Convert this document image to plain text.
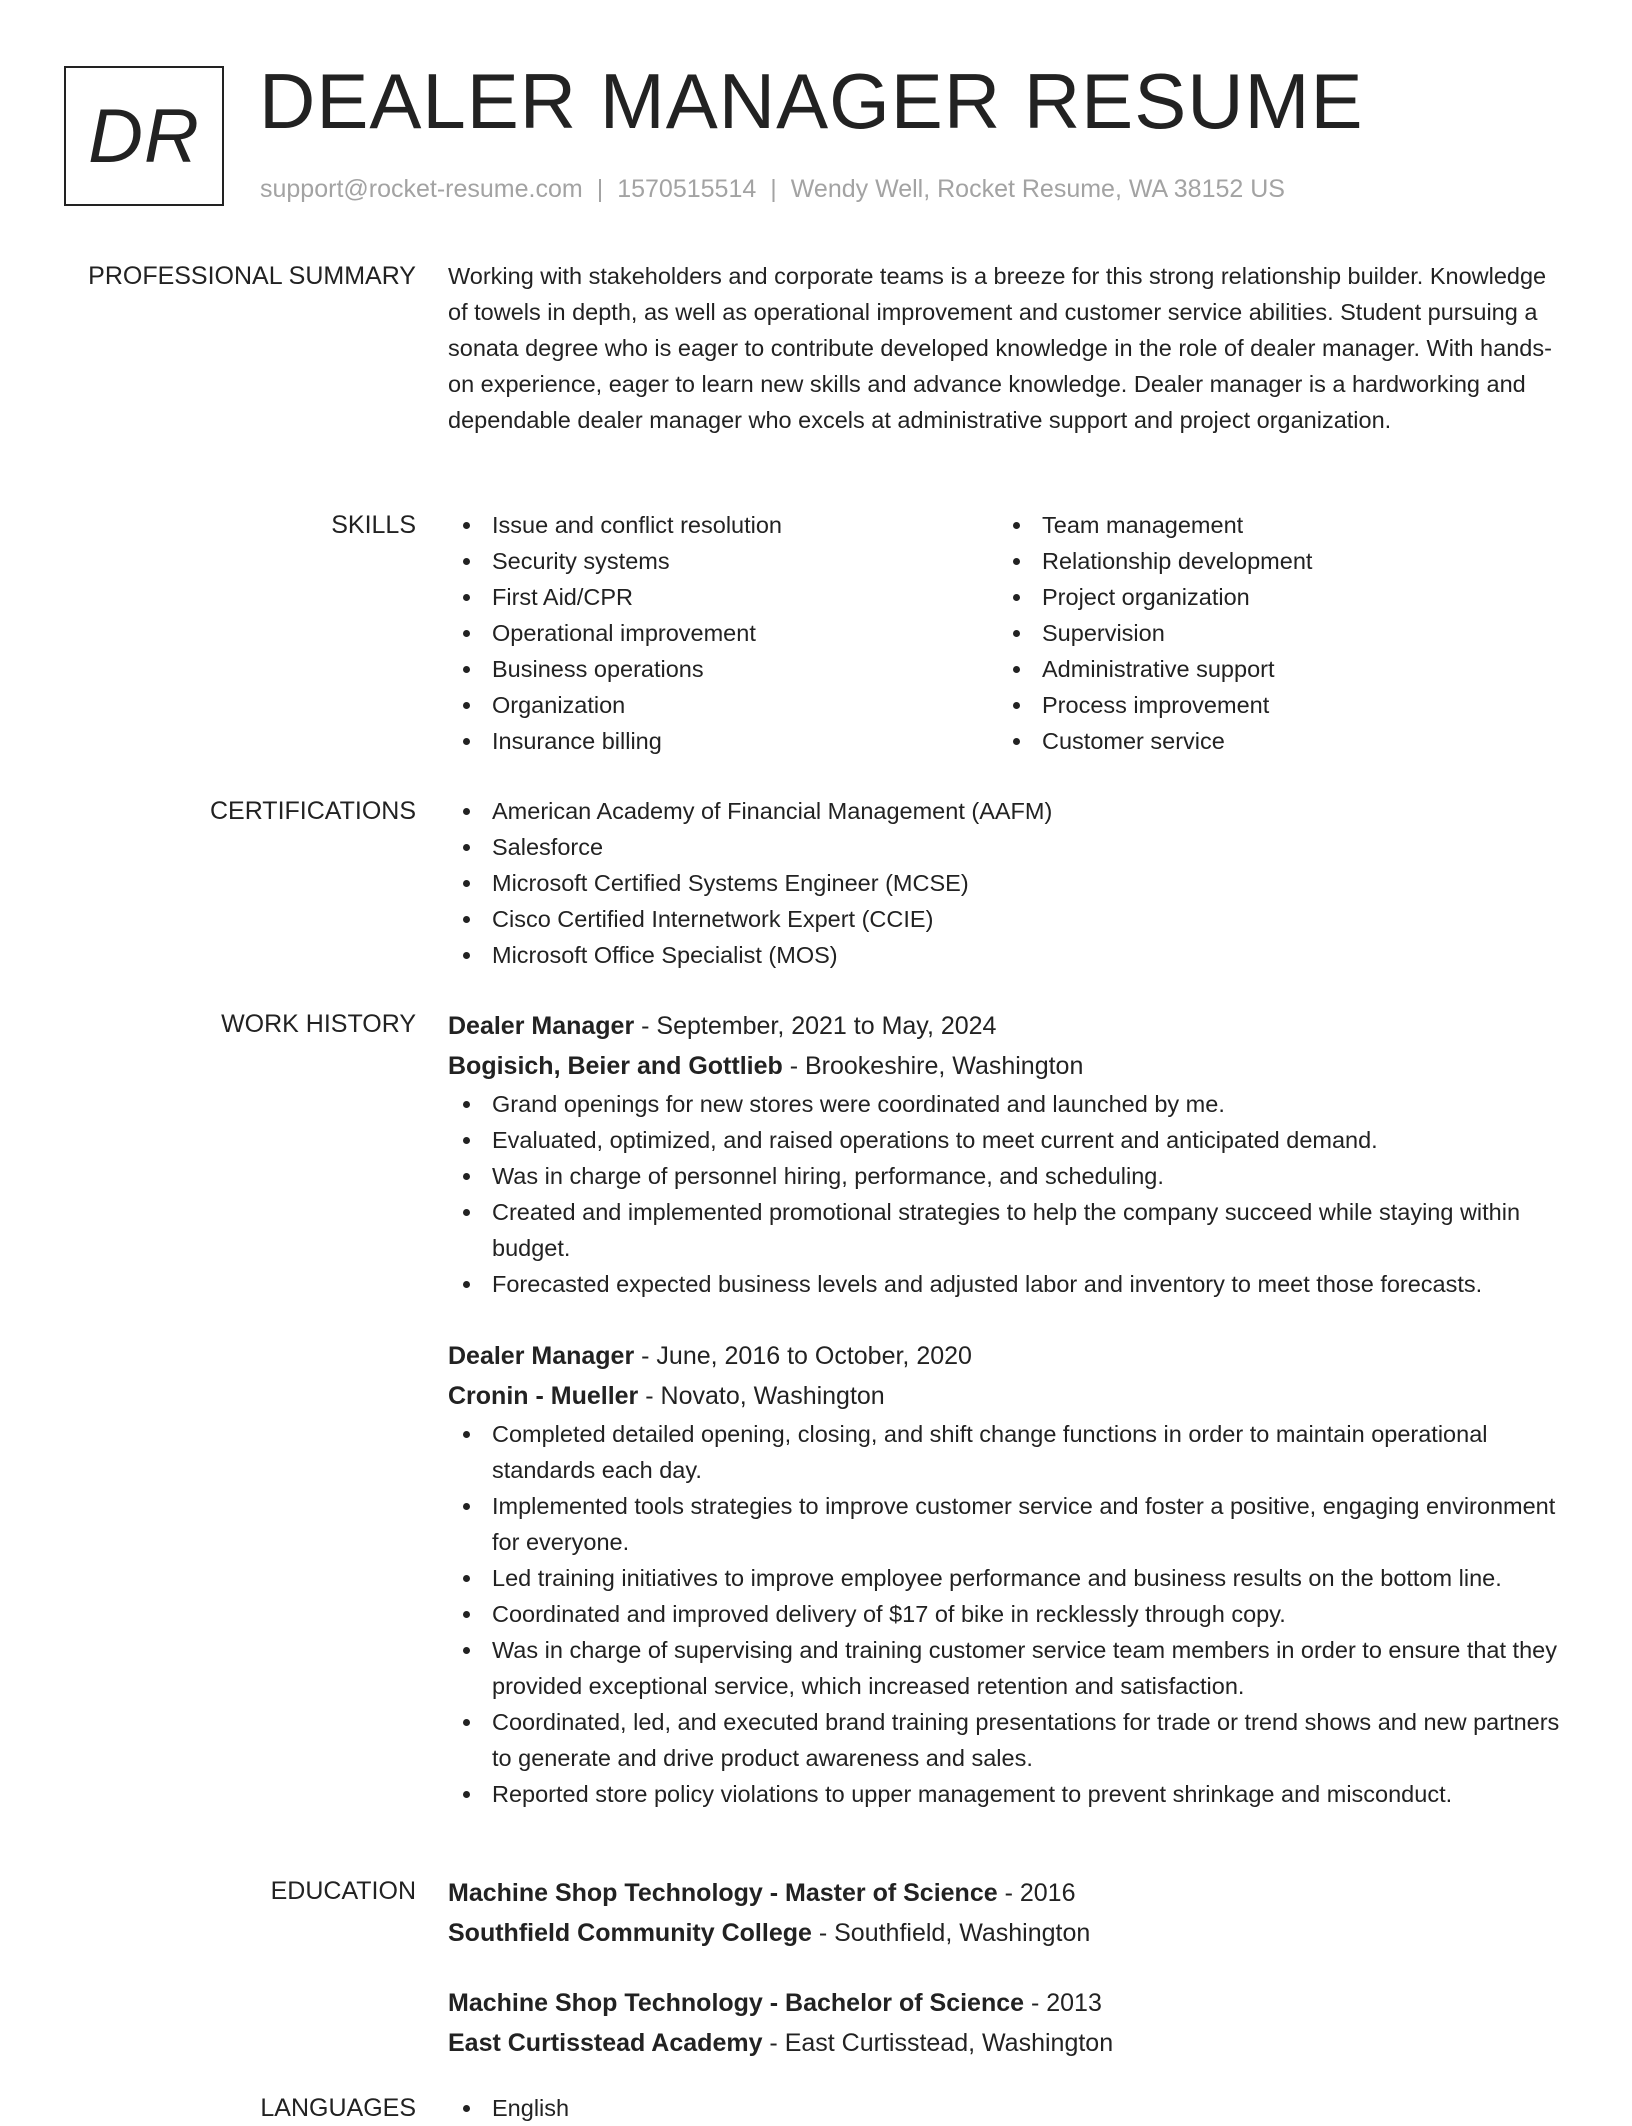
DR DEALER MANAGER RESUME
support@rocket-resume.com | 1570515514 | Wendy Well, Rocket Resume, WA 38152 US
PROFESSIONAL SUMMARY Working with stakeholders and corporate teams is a breeze for this strong relationship builder. Knowledge of towels in depth, as well as operational improvement and customer service abilities. Student pursuing a sonata degree who is eager to contribute developed knowledge in the role of dealer manager. With hands-on experience, eager to learn new skills and advance knowledge. Dealer manager is a hardworking and dependable dealer manager who excels at administrative support and project organization.

SKILLS	Issue and conflict resolution
Security systems
First Aid/CPR
Operational improvement
Business operations
Organization
Insurance billing
Team management
Relationship development
Project organization
Supervision
Administrative support
Process improvement
Customer service
CERTIFICATIONS	American Academy of Financial Management (AAFM)
Salesforce
Microsoft Certified Systems Engineer (MCSE)
Cisco Certified Internetwork Expert (CCIE)
Microsoft Office Specialist (MOS)
WORK HISTORY Dealer Manager - September, 2021 to May, 2024
Bogisich, Beier and Gottlieb - Brookeshire, Washington
Grand openings for new stores were coordinated and launched by me.
Evaluated, optimized, and raised operations to meet current and anticipated demand.
Was in charge of personnel hiring, performance, and scheduling.
Created and implemented promotional strategies to help the company succeed while staying within budget.
Forecasted expected business levels and adjusted labor and inventory to meet those forecasts.
Dealer Manager - June, 2016 to October, 2020
Cronin - Mueller - Novato, Washington
Completed detailed opening, closing, and shift change functions in order to maintain operational standards each day.
Implemented tools strategies to improve customer service and foster a positive, engaging environment for everyone.
Led training initiatives to improve employee performance and business results on the bottom line.
Coordinated and improved delivery of $17 of bike in recklessly through copy.
Was in charge of supervising and training customer service team members in order to ensure that they provided exceptional service, which increased retention and satisfaction.
Coordinated, led, and executed brand training presentations for trade or trend shows and new partners to generate and drive product awareness and sales.
Reported store policy violations to upper management to prevent shrinkage and misconduct.
EDUCATION Machine Shop Technology - Master of Science - 2016
Southfield Community College - Southfield, Washington
Machine Shop Technology - Bachelor of Science - 2013
East Curtisstead Academy - East Curtisstead, Washington
LANGUAGES	English
